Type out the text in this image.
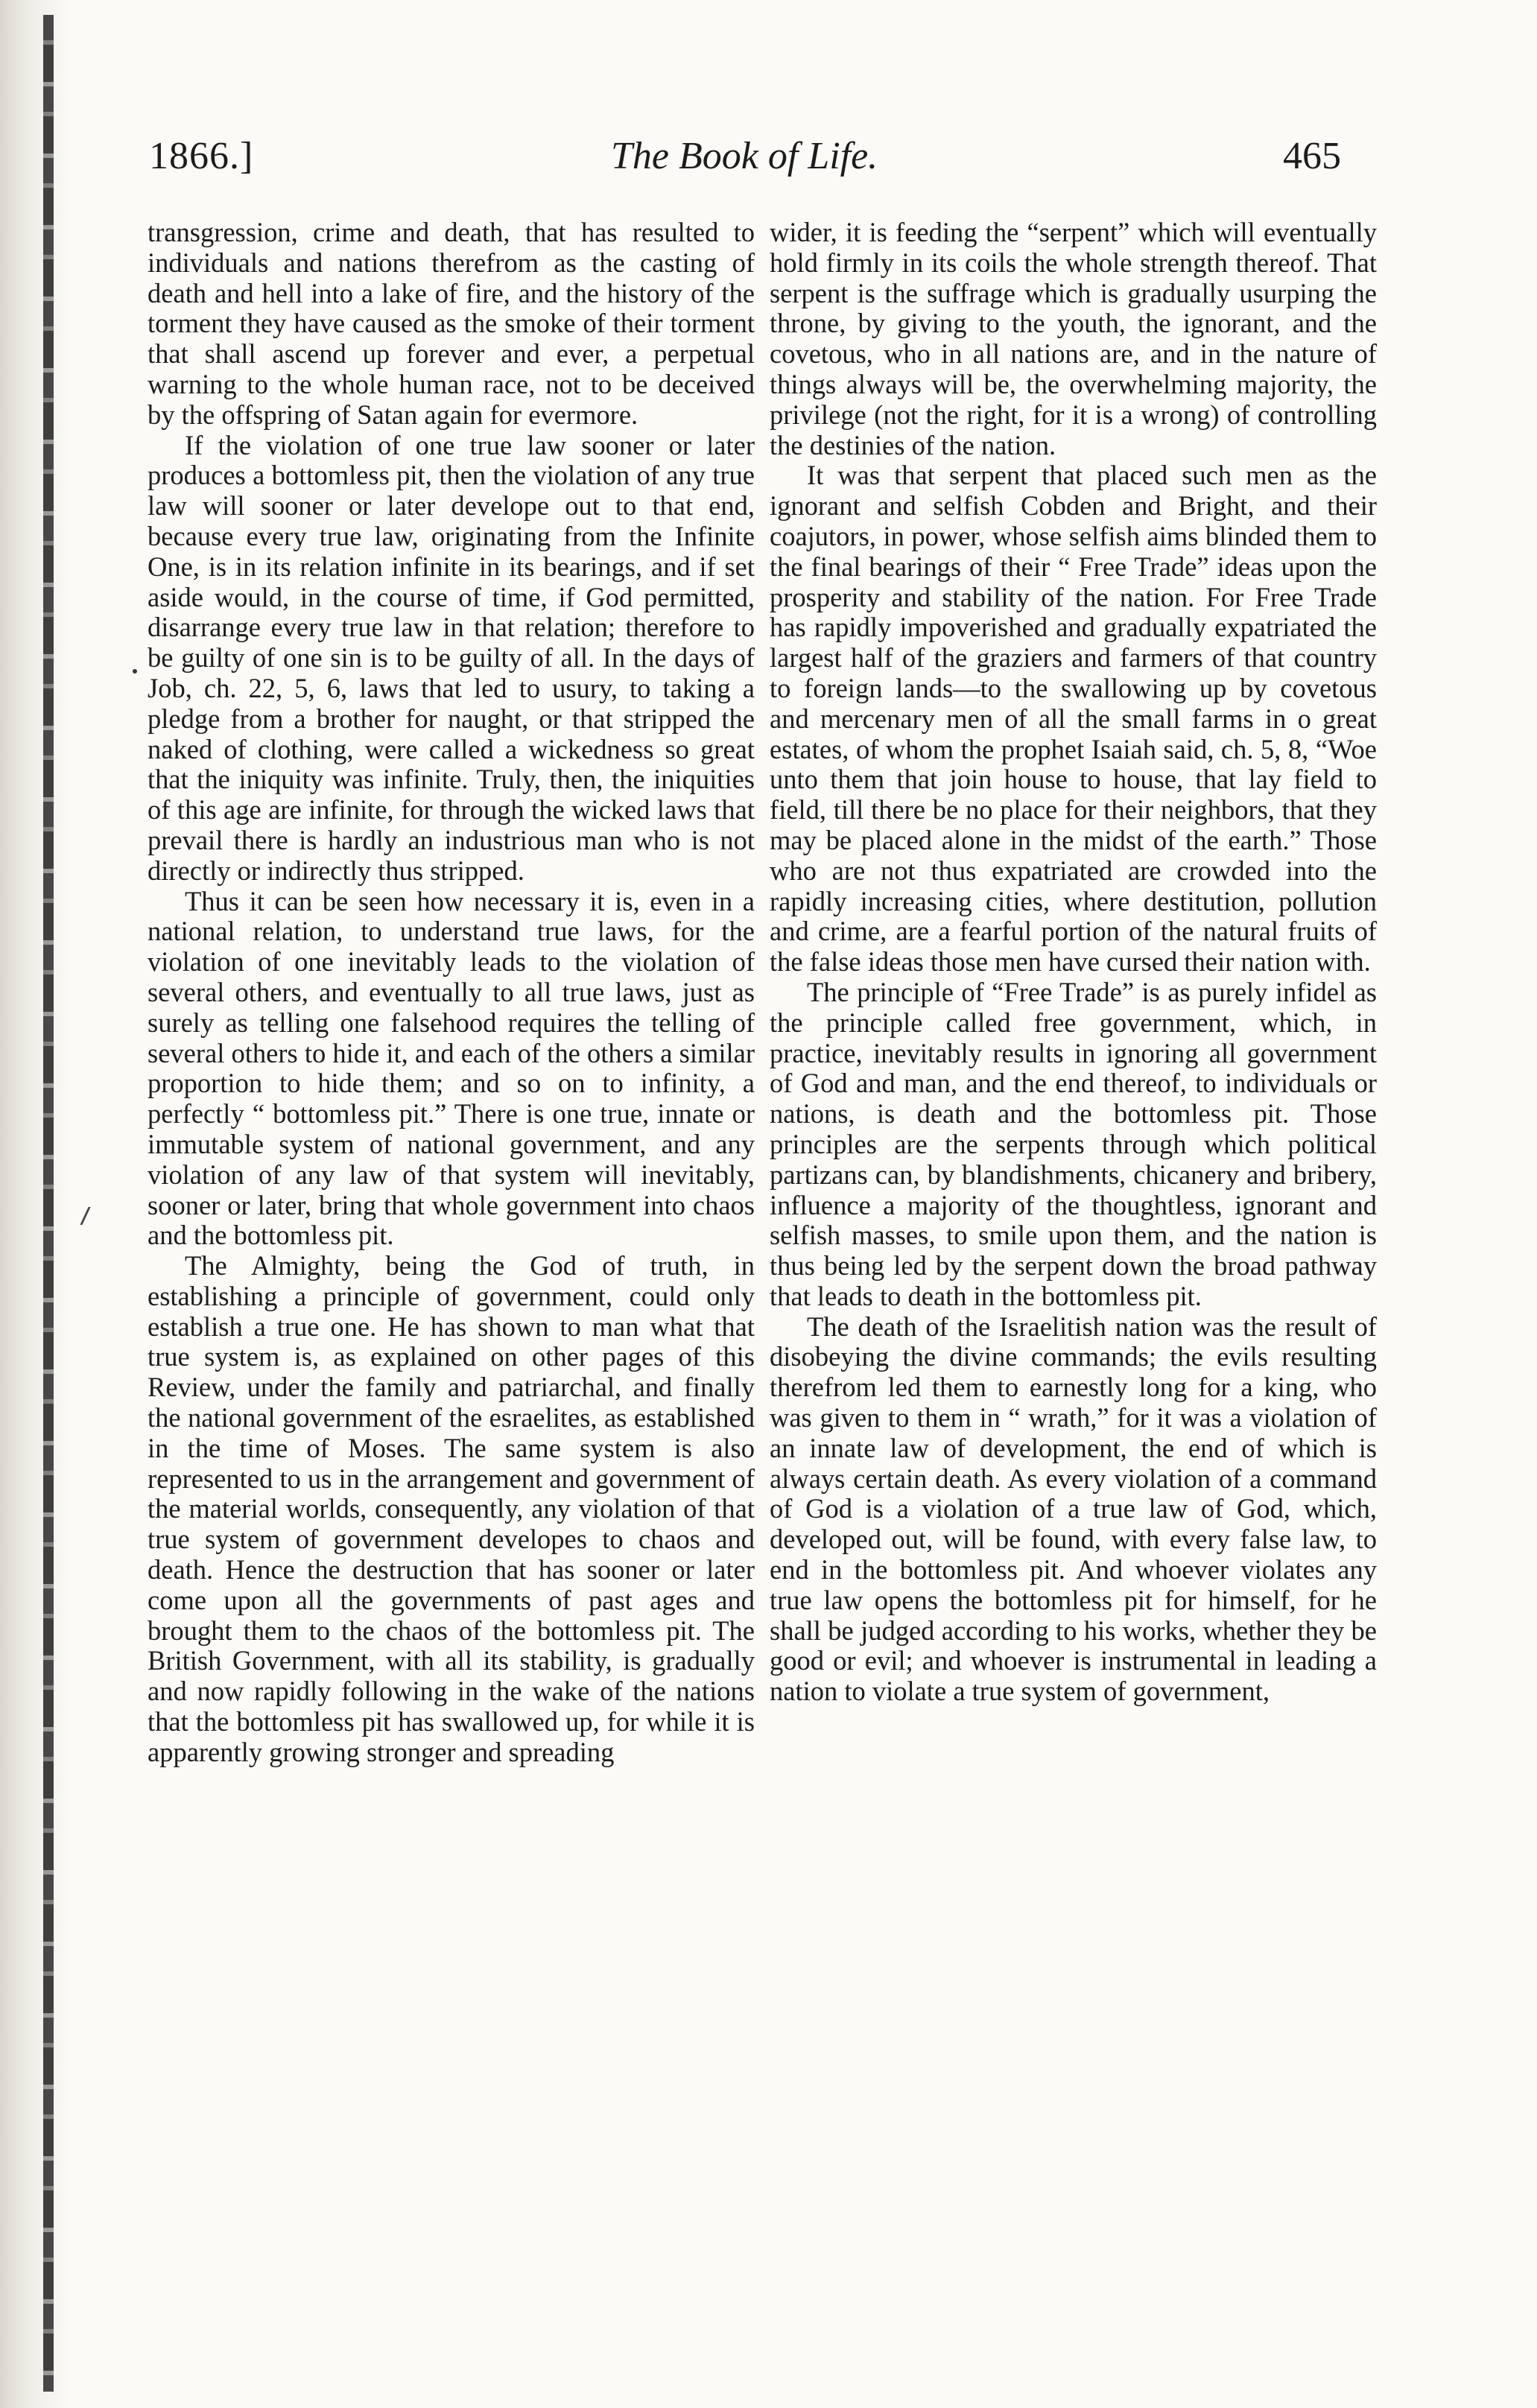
1866.]	The Book of Life.	465

transgression, crime and death, that has resulted to individuals and nations therefrom as the casting of death and hell into a lake of fire, and the history of the torment they have caused as the smoke of their torment that shall ascend up forever and ever, a perpetual warning to the whole human race, not to be deceived by the offspring of Satan again for evermore.

If the violation of one true law sooner or later produces a bottomless pit, then the violation of any true law will sooner or later develope out to that end, because every true law, originating from the Infinite One, is in its relation infinite in its bearings, and if set aside would, in the course of time, if God permitted, disarrange every true law in that relation; therefore to be guilty of one sin is to be guilty of all. In the days of Job, ch. 22, 5, 6, laws that led to usury, to taking a pledge from a brother for naught, or that stripped the naked of clothing, were called a wickedness so great that the iniquity was infinite. Truly, then, the iniquities of this age are infinite, for through the wicked laws that prevail there is hardly an industrious man who is not directly or indirectly thus stripped.

Thus it can be seen how necessary it is, even in a national relation, to understand true laws, for the violation of one inevitably leads to the violation of several others, and eventually to all true laws, just as surely as telling one falsehood requires the telling of several others to hide it, and each of the others a similar proportion to hide them; and so on to infinity, a perfectly “ bottomless pit.” There is one true, innate or immutable system of national government, and any violation of any law of that system will inevitably, sooner or later, bring that whole government into chaos and the bottomless pit.

The Almighty, being the God of truth, in establishing a principle of government, could only establish a true one. He has shown to man what that true system is, as explained on other pages of this Review, under the family and patriarchal, and finally the national government of the esraelites, as established in the time of Moses. The same system is also represented to us in the arrangement and government of the material worlds, consequently, any violation of that true system of government developes to chaos and death. Hence the destruction that has sooner or later come upon all the governments of past ages and brought them to the chaos of the bottomless pit. The British Government, with all its stability, is gradually and now rapidly following in the wake of the nations that the bottomless pit has swallowed up, for while it is apparently growing stronger and spreading

wider, it is feeding the “serpent” which will eventually hold firmly in its coils the whole strength thereof. That serpent is the suffrage which is gradually usurping the throne, by giving to the youth, the ignorant, and the covetous, who in all nations are, and in the nature of things always will be, the overwhelming majority, the privilege (not the right, for it is a wrong) of controlling the destinies of the nation.

It was that serpent that placed such men as the ignorant and selfish Cobden and Bright, and their coajutors, in power, whose selfish aims blinded them to the final bearings of their “ Free Trade” ideas upon the prosperity and stability of the nation. For Free Trade has rapidly impoverished and gradually expatriated the largest half of the graziers and farmers of that country to foreign lands—to the swallowing up by covetous and mercenary men of all the small farms in o great estates, of whom the prophet Isaiah said, ch. 5, 8, “Woe unto them that join house to house, that lay field to field, till there be no place for their neighbors, that they may be placed alone in the midst of the earth.” Those who are not thus expatriated are crowded into the rapidly increasing cities, where destitution, pollution and crime, are a fearful portion of the natural fruits of the false ideas those men have cursed their nation with.

The principle of “Free Trade” is as purely infidel as the principle called free government, which, in practice, inevitably results in ignoring all government of God and man, and the end thereof, to individuals or nations, is death and the bottomless pit. Those principles are the serpents through which political partizans can, by blandishments, chicanery and bribery, influence a majority of the thoughtless, ignorant and selfish masses, to smile upon them, and the nation is thus being led by the serpent down the broad pathway that leads to death in the bottomless pit.

The death of the Israelitish nation was the result of disobeying the divine commands; the evils resulting therefrom led them to earnestly long for a king, who was given to them in “ wrath,” for it was a violation of an innate law of development, the end of which is always certain death. As every violation of a command of God is a violation of a true law of God, which, developed out, will be found, with every false law, to end in the bottomless pit. And whoever violates any true law opens the bottomless pit for himself, for he shall be judged according to his works, whether they be good or evil; and whoever is instrumental in leading a nation to violate a true system of government,
